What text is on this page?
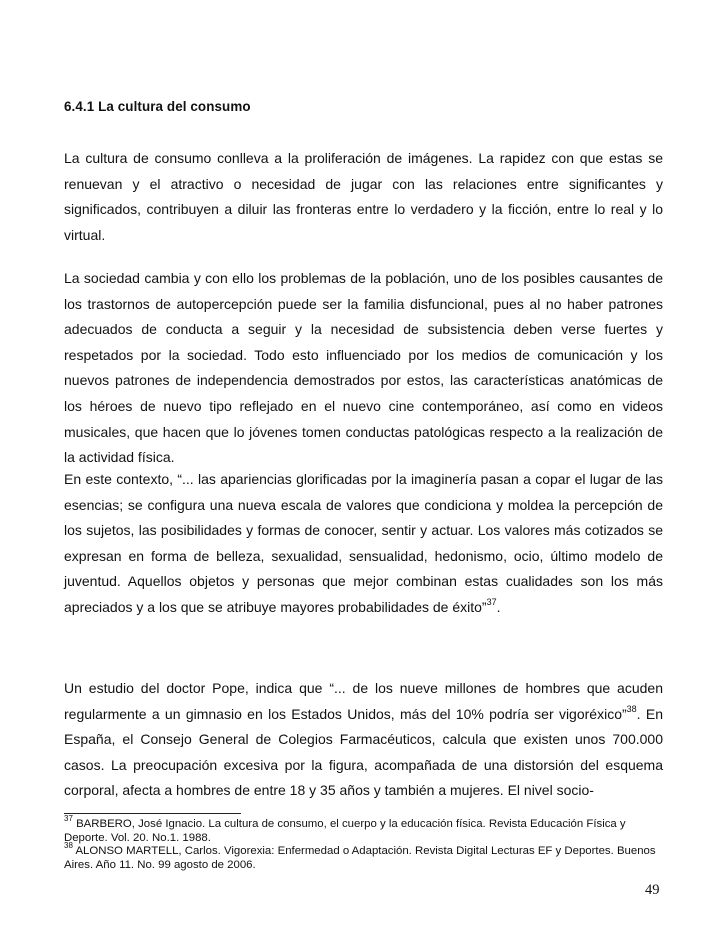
6.4.1 La cultura del consumo

La cultura de consumo conlleva a la proliferación de imágenes. La rapidez con que estas se renuevan y el atractivo o necesidad de jugar con las relaciones entre significantes y significados, contribuyen a diluir las fronteras entre lo verdadero y la ficción, entre lo real y lo virtual.

La sociedad cambia y con ello los problemas de la población, uno de los posibles causantes de los trastornos de autopercepción puede ser la familia disfuncional, pues al no haber patrones adecuados de conducta a seguir y la necesidad de subsistencia deben verse fuertes y respetados por la sociedad. Todo esto influenciado por los medios de comunicación y los nuevos patrones de independencia demostrados por estos, las características anatómicas de los héroes de nuevo tipo reflejado en el nuevo cine contemporáneo, así como en videos musicales, que hacen que lo jóvenes tomen conductas patológicas respecto a la realización de la actividad física.

En este contexto, “... las apariencias glorificadas por la imaginería pasan a copar el lugar de las esencias; se configura una nueva escala de valores que condiciona y moldea la percepción de los sujetos, las posibilidades y formas de conocer, sentir y actuar. Los valores más cotizados se expresan en forma de belleza, sexualidad, sensualidad, hedonismo, ocio, último modelo de juventud. Aquellos objetos y personas que mejor combinan estas cualidades son los más apreciados y a los que se atribuye mayores probabilidades de éxito”$^{37}$.

Un estudio del doctor Pope, indica que “... de los nueve millones de hombres que acuden regularmente a un gimnasio en los Estados Unidos, más del 10% podría ser vigoréxico”$^{38}$. En España, el Consejo General de Colegios Farmacéuticos, calcula que existen unos 700.000 casos. La preocupación excesiva por la figura, acompañada de una distorsión del esquema corporal, afecta a hombres de entre 18 y 35 años y también a mujeres. El nivel socio-

$^{37}$ BARBERO, José Ignacio. La cultura de consumo, el cuerpo y la educación física. Revista Educación Física y Deporte. Vol. 20. No.1. 1988.

$^{38}$ ALONSO MARTELL, Carlos. Vigorexia: Enfermedad o Adaptación. Revista Digital Lecturas EF y Deportes. Buenos Aires. Año 11. No. 99 agosto de 2006.

49
